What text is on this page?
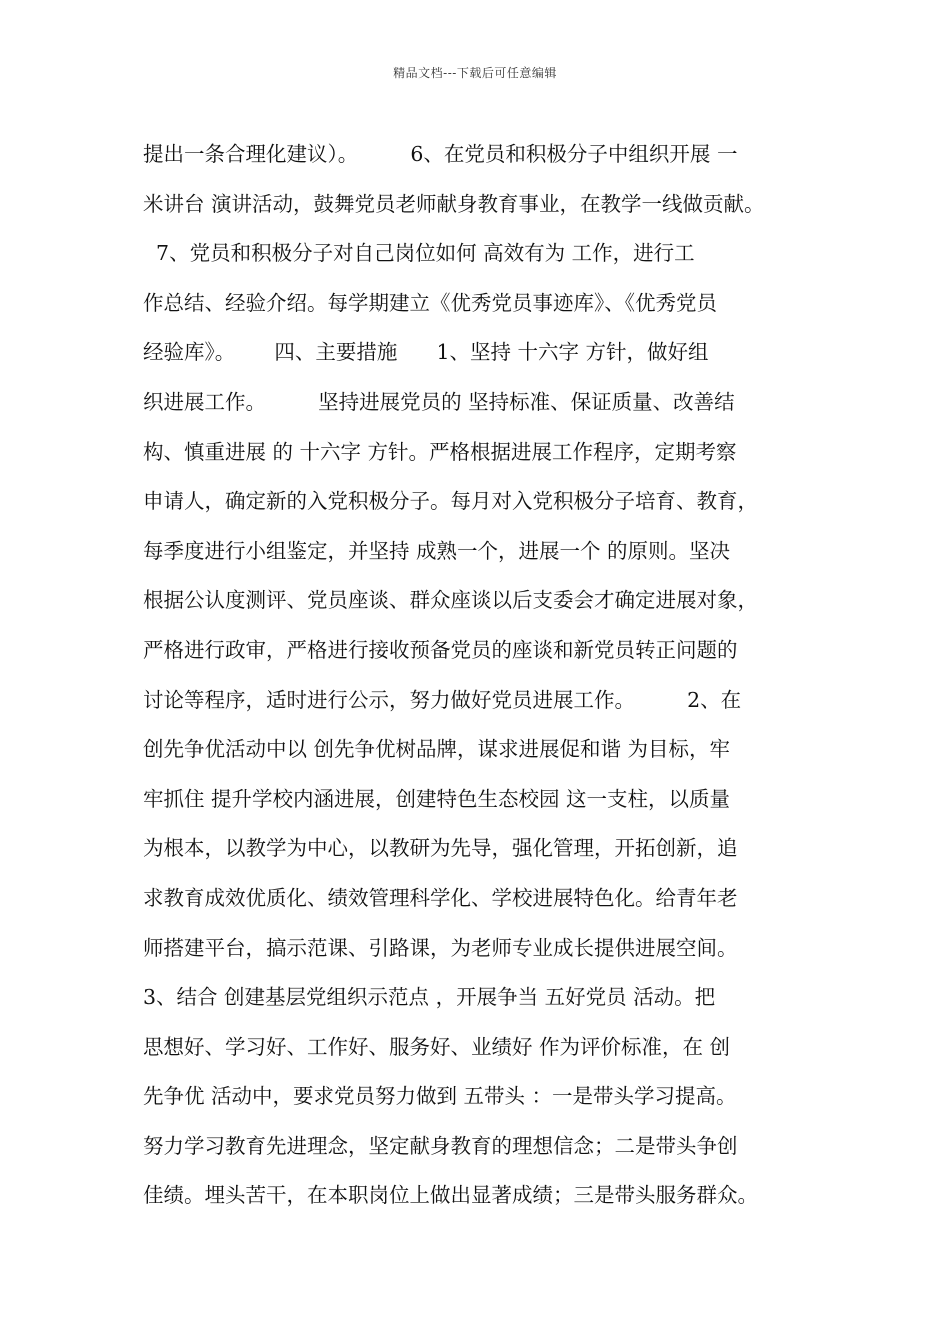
精品文档---下载后可任意编辑
提出一条合理化建议）。        6、在党员和积极分子中组织开展 一
米讲台 演讲活动，鼓舞党员老师献身教育事业，在教学一线做贡献。
7、党员和积极分子对自己岗位如何 高效有为 工作，进行工
作总结、经验介绍。每学期建立《优秀党员事迹库》、《优秀党员
经验库》。      四、主要措施      1、坚持 十六字 方针，做好组
织进展工作。        坚持进展党员的 坚持标准、保证质量、改善结
构、慎重进展 的 十六字 方针。严格根据进展工作程序，定期考察
申请人，确定新的入党积极分子。每月对入党积极分子培育、教育，
每季度进行小组鉴定，并坚持 成熟一个，进展一个 的原则。坚决
根据公认度测评、党员座谈、群众座谈以后支委会才确定进展对象，
严格进行政审，严格进行接收预备党员的座谈和新党员转正问题的
讨论等程序，适时进行公示，努力做好党员进展工作。        2、在
创先争优活动中以 创先争优树品牌，谋求进展促和谐 为目标，牢
牢抓住 提升学校内涵进展，创建特色生态校园 这一支柱，以质量
为根本，以教学为中心，以教研为先导，强化管理，开拓创新，追
求教育成效优质化、绩效管理科学化、学校进展特色化。给青年老
师搭建平台，搞示范课、引路课，为老师专业成长提供进展空间。
3、结合 创建基层党组织示范点 ，开展争当 五好党员 活动。把
思想好、学习好、工作好、服务好、业绩好 作为评价标准，在 创
先争优 活动中，要求党员努力做到 五带头 ：一是带头学习提高。
努力学习教育先进理念，坚定献身教育的理想信念；二是带头争创
佳绩。埋头苦干，在本职岗位上做出显著成绩；三是带头服务群众。
